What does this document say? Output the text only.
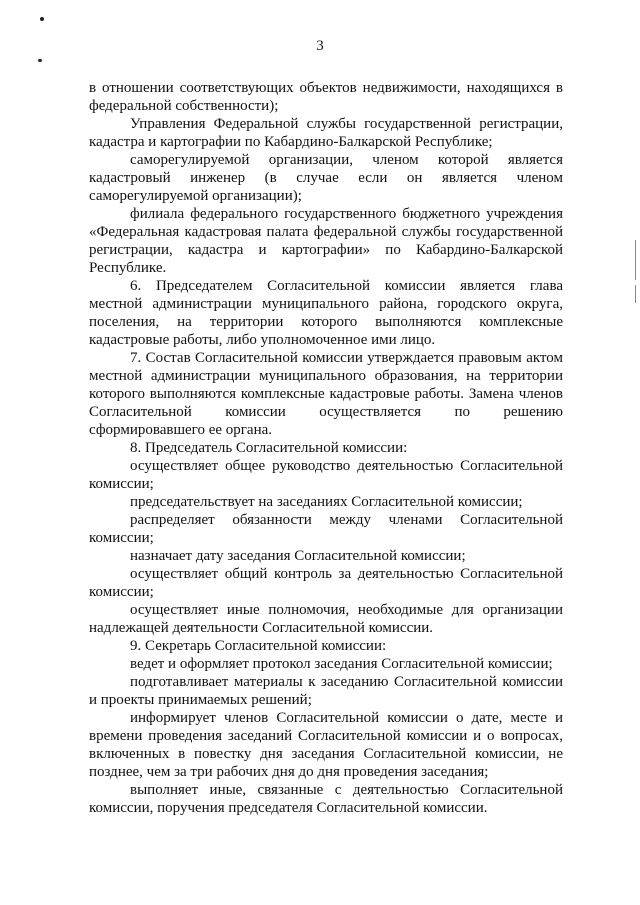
3

в отношении соответствующих объектов недвижимости, находящихся в федеральной собственности);

Управления Федеральной службы государственной регистрации, кадастра и картографии по Кабардино-Балкарской Республике;

саморегулируемой организации, членом которой является кадастровый инженер (в случае если он является членом саморегулируемой организации);

филиала федерального государственного бюджетного учреждения «Федеральная кадастровая палата федеральной службы государственной регистрации, кадастра и картографии» по Кабардино-Балкарской Республике.

6. Председателем Согласительной комиссии является глава местной администрации муниципального района, городского округа, поселения, на территории которого выполняются комплексные кадастровые работы, либо уполномоченное ими лицо.

7. Состав Согласительной комиссии утверждается правовым актом местной администрации муниципального образования, на территории которого выполняются комплексные кадастровые работы. Замена членов Согласительной комиссии осуществляется по решению сформировавшего ее органа.

8. Председатель Согласительной комиссии:

осуществляет общее руководство деятельностью Согласительной комиссии;

председательствует на заседаниях Согласительной комиссии;

распределяет обязанности между членами Согласительной комиссии;

назначает дату заседания Согласительной комиссии;

осуществляет общий контроль за деятельностью Согласительной комиссии;

осуществляет иные полномочия, необходимые для организации надлежащей деятельности Согласительной комиссии.

9. Секретарь Согласительной комиссии:

ведет и оформляет протокол заседания Согласительной комиссии;

подготавливает материалы к заседанию Согласительной комиссии и проекты принимаемых решений;

информирует членов Согласительной комиссии о дате, месте и времени проведения заседаний Согласительной комиссии и о вопросах, включенных в повестку дня заседания Согласительной комиссии, не позднее, чем за три рабочих дня до дня проведения заседания;

выполняет иные, связанные с деятельностью Согласительной комиссии, поручения председателя Согласительной комиссии.
